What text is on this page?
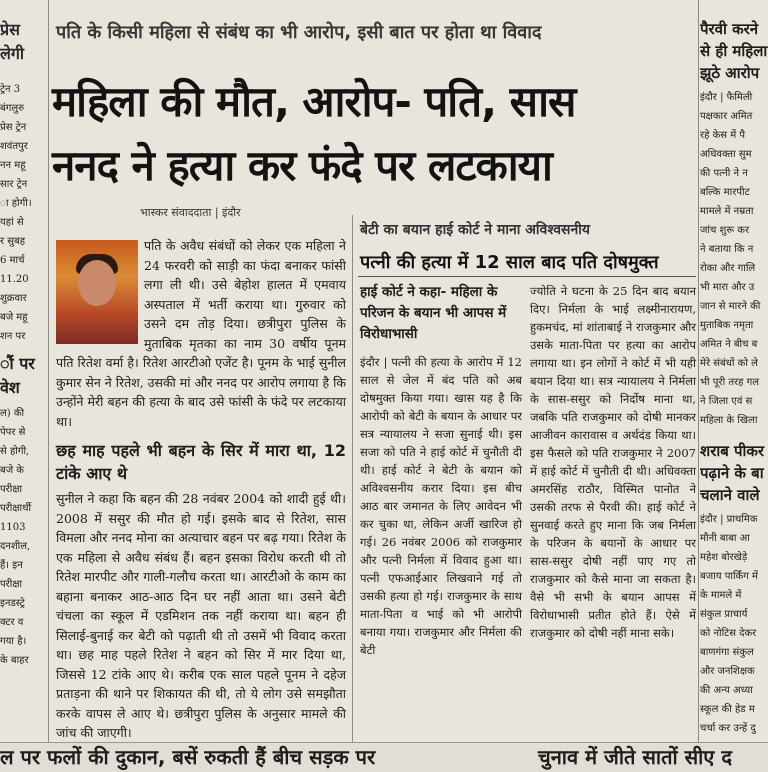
प्रेस
लेगी
ट्रेन 3
बंगलुरु
प्रेस ट्रेन
शवंतपुर
नन महू
सार ट्रेन
ा होगी।
यहां से
र सुबह
6 मार्च
11.20
शुक्रवार
बजे महू
शन पर
ौं पर
वेश
ल) की
पेपर से
से होगी,
बजे के
परीक्षा
परीक्षार्थी
1103
दनशील,
हैं। इन
परीक्षा
इनडस्ट्रे
क्टर व
गया है।
के बाहर
पति के किसी महिला से संबंध का भी आरोप, इसी बात पर होता था विवाद
महिला की मौत, आरोप- पति, सास
ननद ने हत्या कर फंदे पर लटकाया
भास्कर संवाददाता | इंदौर

पति के अवैध संबंधों को लेकर एक महिला ने 24 फरवरी को साड़ी का फंदा बनाकर फांसी लगा ली थी। उसे बेहोश हालत में एमवाय अस्पताल में भर्ती कराया था। गुरुवार को उसने दम तोड़ दिया। छत्रीपुरा पुलिस के मुताबिक मृतका का नाम 30 वर्षीय पूनम पति रितेश वर्मा है। रितेश आरटीओ एजेंट है। पूनम के भाई सुनील कुमार सेन ने रितेश, उसकी मां और ननद पर आरोप लगाया है कि उन्होंने मेरी बहन की हत्या के बाद उसे फांसी के फंदे पर लटकाया था।

छह माह पहले भी बहन के सिर में मारा था, 12 टांके आए थे

सुनील ने कहा कि बहन की 28 नवंबर 2004 को शादी हुई थी। 2008 में ससुर की मौत हो गई। इसके बाद से रितेश, सास विमला और ननद मोना का अत्याचार बहन पर बढ़ गया। रितेश के एक महिला से अवैध संबंध हैं। बहन इसका विरोध करती थी तो रितेश मारपीट और गाली-गलौच करता था। आरटीओ के काम का बहाना बनाकर आठ-आठ दिन घर नहीं आता था। उसने बेटी चंचला का स्कूल में एडमिशन तक नहीं कराया था। बहन ही सिलाई-बुनाई कर बेटी को पढ़ाती थी तो उसमें भी विवाद करता था। छह माह पहले रितेश ने बहन को सिर में मार दिया था, जिससे 12 टांके आए थे। करीब एक साल पहले पूनम ने दहेज प्रताड़ना की थाने पर शिकायत की थी, तो ये लोग उसे समझौता करके वापस ले आए थे। छत्रीपुरा पुलिस के अनुसार मामले की जांच की जाएगी।

बेटी का बयान हाई कोर्ट ने माना अविश्वसनीय
पत्नी की हत्या में 12 साल बाद पति दोषमुक्त
हाई कोर्ट ने कहा- महिला के परिजन के बयान भी आपस में विरोधाभासी

इंदौर | पत्नी की हत्या के आरोप में 12 साल से जेल में बंद पति को अब दोषमुक्त किया गया। खास यह है कि आरोपी को बेटी के बयान के आधार पर सत्र न्यायालय ने सजा सुनाई थी। इस सजा को पति ने हाई कोर्ट में चुनौती दी थी। हाई कोर्ट ने बेटी के बयान को अविश्वसनीय करार दिया। इस बीच आठ बार जमानत के लिए आवेदन भी कर चुका था, लेकिन अर्जी खारिज हो गई। 26 नवंबर 2006 को राजकुमार और पत्नी निर्मला में विवाद हुआ था। पत्नी एफआईआर लिखवाने गई तो उसकी हत्या हो गई। राजकुमार के साथ माता-पिता व भाई को भी आरोपी बनाया गया। राजकुमार और निर्मला की बेटी

ज्योति ने घटना के 25 दिन बाद बयान दिए। निर्मला के भाई लक्ष्मीनारायण, हुकमचंद, मां शांताबाई ने राजकुमार और उसके माता-पिता पर हत्या का आरोप लगाया था। इन लोगों ने कोर्ट में भी यही बयान दिया था। सत्र न्यायालय ने निर्मला के सास-ससुर को निर्दोष माना था, जबकि पति राजकुमार को दोषी मानकर आजीवन कारावास व अर्थदंड किया था। इस फैसले को पति राजकुमार ने 2007 में हाई कोर्ट में चुनौती दी थी। अधिवक्ता अमरसिंह राठौर, विस्मित पानोत ने उसकी तरफ से पैरवी की। हाई कोर्ट ने सुनवाई करते हुए माना कि जब निर्मला के परिजन के बयानों के आधार पर सास-ससुर दोषी नहीं पाए गए तो राजकुमार को कैसे माना जा सकता है। वैसे भी सभी के बयान आपस में विरोधाभासी प्रतीत होते हैं। ऐसे में राजकुमार को दोषी नहीं माना सके।

पैरवी करने
से ही महिला
झूठे आरोप
इंदौर | फैमिली
पक्षकार अमित
रहे केस में पै
अधिवक्ता सुम
की पत्नी ने न
बल्कि मारपीट
मामले में नम्रता
जांच शुरू कर
ने बताया कि न
रोका और गालि
भी मारा और उ
जान से मारने की
मुताबिक नमृता
अमित ने बीच ब
मेरे संबंधों को ले
भी पूरी तरह गल
ने जिला एवं स
महिला के खिला
शराब पीकर
पढ़ाने के बा
चलाने वाले
इंदौर | प्राथमिक
मौनी बाबा आ
महेश बोरखेड़े
बजाय पार्किंग में
के मामले में
संकुल प्राचार्य
को नोटिस देकर
बाणगंगा संकुल
और जनशिक्षक
की अन्य अध्या
स्कूल की हेड म
चर्चा कर उन्हें दु
ल पर फलों की दुकान, बसें रुकती हैं बीच सड़क पर	चुनाव में जीते सातों सीए द
